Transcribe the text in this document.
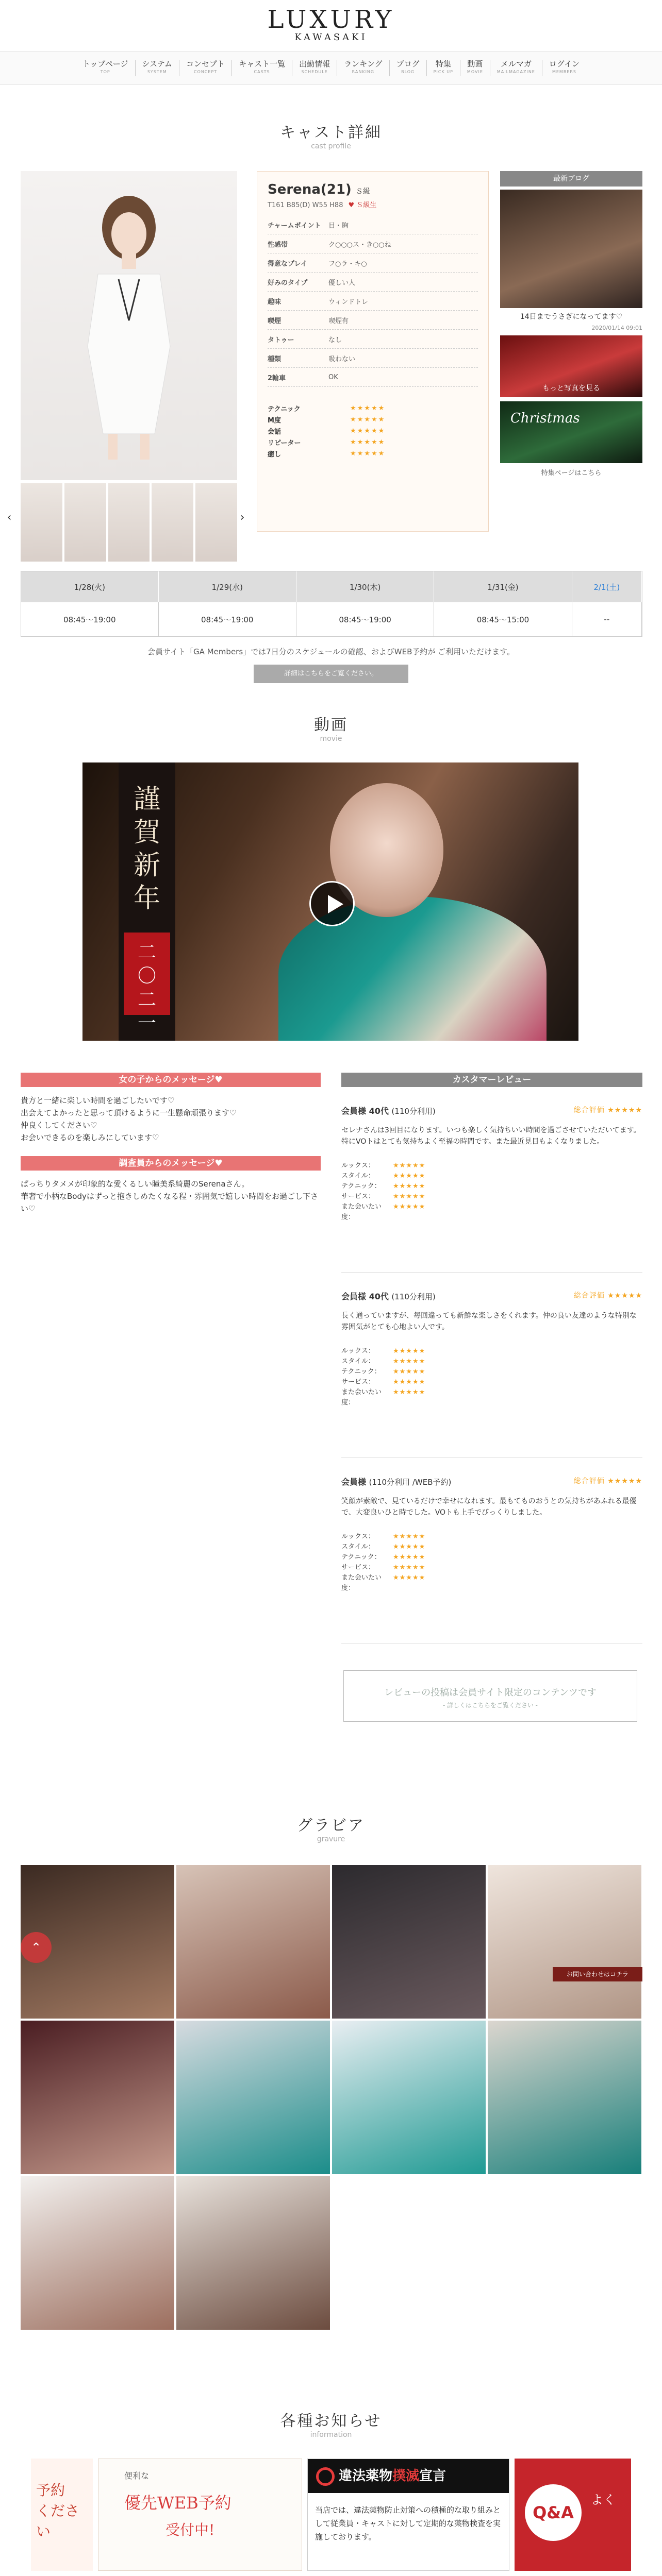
LUXURY
KAWASAKI
トップページ
TOP
システム
SYSTEM
コンセプト
CONCEPT
キャスト一覧
CASTS
出勤情報
SCHEDULE
ランキング
RANKING
ブログ
BLOG
特集
PICK UP
動画
MOVIE
メルマガ
MAILMAGAZINE
ログイン
MEMBERS
キャスト詳細
cast profile
‹	›
Serena(21) Ｓ級
T161 B85(D) W55 H88 ♥ Ｓ級生
チャームポイント	目・胸
性感帯	ク○○○ス・き○○ね
得意なプレイ	フ○ラ・キ○
好みのタイプ	優しい人
趣味	ウィンドトレ
喫煙	喫煙有
タトゥー	なし
種類	吸わない
2輪車	OK
テクニック	★★★★★
M度	★★★★★
会話	★★★★★
リピーター	★★★★★
癒し	★★★★★
最新ブログ
14日までうさぎになってます♡
2020/01/14 09:01
もっと写真を見る
Christmas
特集ページはこちら
1/28(火)	1/29(水)	1/30(木)	1/31(金)	2/1(土)
08:45〜19:00	08:45〜19:00	08:45〜19:00	08:45〜15:00	--
会員サイト「GA Members」では7日分のスケジュールの確認、およびWEB予約が ご利用いただけます。
詳細はこちらをご覧ください。
動画
movie
謹
賀
新
年
二
〇
二
一
女の子からのメッセージ♥
貴方と一緒に楽しい時間を過ごしたいです♡
出会えてよかったと思って頂けるように一生懸命頑張ります♡
仲良くしてください♡
お会いできるのを楽しみにしています♡
調査員からのメッセージ♥
ぱっちりタメメが印象的な愛くるしい瞳美系綺麗のSerenaさん。
華奢で小柄なBodyはずっと抱きしめたくなる程・雰囲気で嬉しい時間をお過ごし下さい♡
カスタマーレビュー
会員様 40代 (110分利用)	総合評価 ★★★★★
セレナさんは3回目になります。いつも楽しく気持ちいい時間を過ごさせていただいてます。特にVOトはとても気持ちよく至福の時間です。また最近見目もよくなりました。
ルックス：	★★★★★
スタイル：	★★★★★
テクニック：	★★★★★
サービス：	★★★★★
また会いたい度：
★★★★★
会員様 40代 (110分利用)	総合評価 ★★★★★
長く通っていますが、毎回違っても新鮮な楽しさをくれます。仲の良い友達のような特別な雰囲気がとても心地よい人です。
ルックス：	★★★★★
スタイル：	★★★★★
テクニック：	★★★★★
サービス：	★★★★★
また会いたい度：
★★★★★
会員様 (110分利用 /WEB予約)	総合評価 ★★★★★
笑顔が素敵で、見ているだけで幸せになれます。最もてものおうとの気持ちがあふれる最優で、大変良いひと時でした。VOトも上手でびっくりしました。
ルックス：	★★★★★
スタイル：	★★★★★
テクニック：	★★★★★
サービス：	★★★★★
また会いたい度：
★★★★★
レビューの投稿は会員サイト限定のコンテンツです
- 詳しくはこちらをご覧ください -
グラビア
gravure
⌃
お問い合わせはコチラ
各種お知らせ
information
予約
ください
便利な
優先WEB予約
受付中!
違法薬物撲滅宣言
当店では、違法薬物防止対策への積極的な取り組みとして従業員・キャストに対して定期的な薬物検査を実施しております。
Q&A
よく
